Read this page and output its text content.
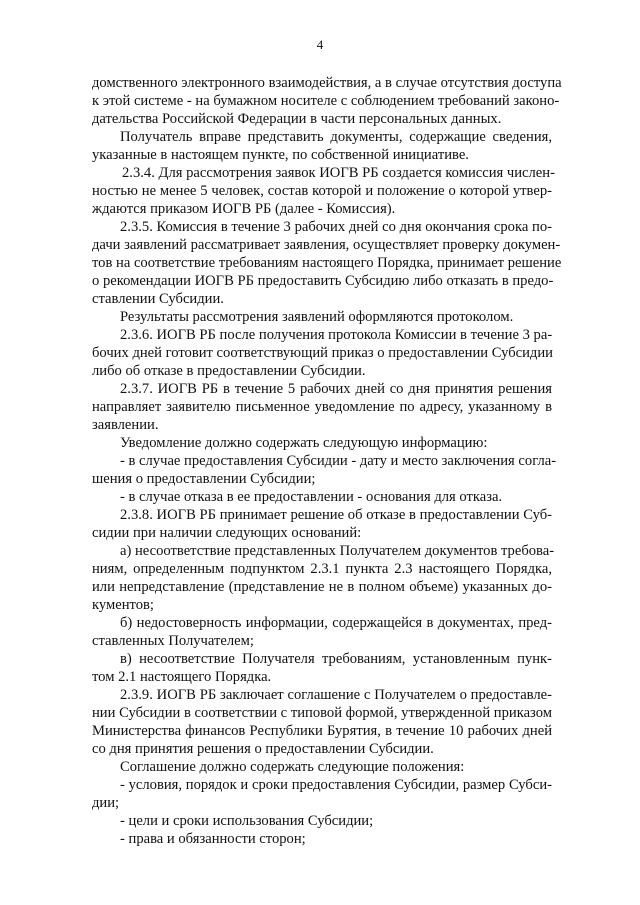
4
домственного электронного взаимодействия, а в случае отсутствия доступа
к этой системе - на бумажном носителе с соблюдением требований законо-
дательства Российской Федерации в части персональных данных.
Получатель вправе представить документы, содержащие сведения,
указанные в настоящем пункте, по собственной инициативе.
2.3.4. Для рассмотрения заявок ИОГВ РБ создается комиссия числен-
ностью не менее 5 человек, состав которой и положение о которой утвер-
ждаются приказом ИОГВ РБ (далее - Комиссия).
2.3.5. Комиссия в течение 3 рабочих дней со дня окончания срока по-
дачи заявлений рассматривает заявления, осуществляет проверку докумен-
тов на соответствие требованиям настоящего Порядка, принимает решение
о рекомендации ИОГВ РБ предоставить Субсидию либо отказать в предо-
ставлении Субсидии.
Результаты рассмотрения заявлений оформляются протоколом.
2.3.6. ИОГВ РБ после получения протокола Комиссии в течение 3 ра-
бочих дней готовит соответствующий приказ о предоставлении Субсидии
либо об отказе в предоставлении Субсидии.
2.3.7. ИОГВ РБ в течение 5 рабочих дней со дня принятия решения
направляет заявителю письменное уведомление по адресу, указанному в
заявлении.
Уведомление должно содержать следующую информацию:
- в случае предоставления Субсидии - дату и место заключения согла-
шения о предоставлении Субсидии;
- в случае отказа в ее предоставлении - основания для отказа.
2.3.8. ИОГВ РБ принимает решение об отказе в предоставлении Суб-
сидии при наличии следующих оснований:
а) несоответствие представленных Получателем документов требова-
ниям, определенным подпунктом 2.3.1 пункта 2.3 настоящего Порядка,
или непредставление (представление не в полном объеме) указанных до-
кументов;
б) недостоверность информации, содержащейся в документах, пред-
ставленных Получателем;
в) несоответствие Получателя требованиям, установленным пунк-
том 2.1 настоящего Порядка.
2.3.9. ИОГВ РБ заключает соглашение с Получателем о предоставле-
нии Субсидии в соответствии с типовой формой, утвержденной приказом
Министерства финансов Республики Бурятия, в течение 10 рабочих дней
со дня принятия решения о предоставлении Субсидии.
Соглашение должно содержать следующие положения:
- условия, порядок и сроки предоставления Субсидии, размер Субси-
дии;
- цели и сроки использования Субсидии;
- права и обязанности сторон;
